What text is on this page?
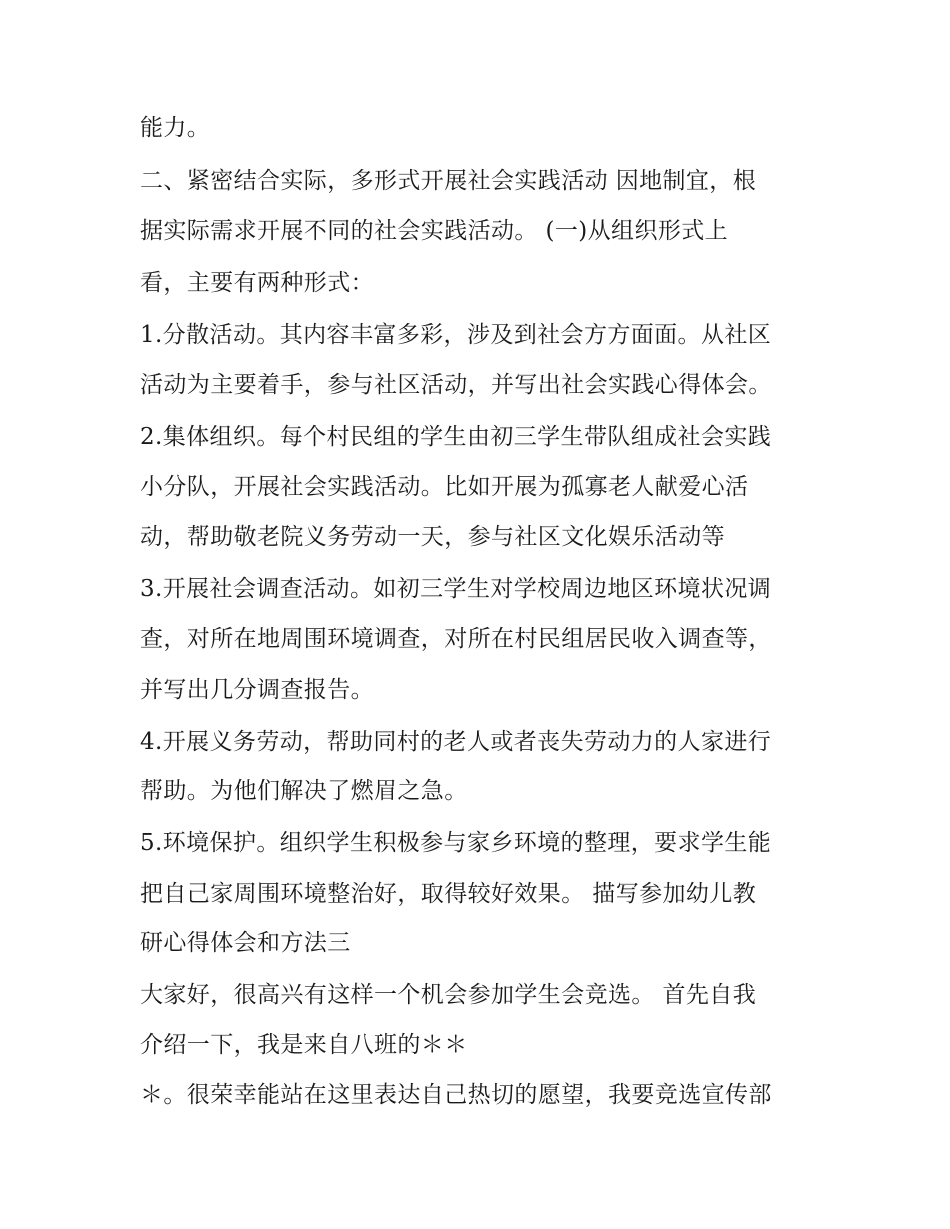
能力。
二、紧密结合实际，多形式开展社会实践活动 因地制宜，根
据实际需求开展不同的社会实践活动。 (一)从组织形式上
看，主要有两种形式：
1.分散活动。其内容丰富多彩，涉及到社会方方面面。从社区
活动为主要着手，参与社区活动，并写出社会实践心得体会。
2.集体组织。每个村民组的学生由初三学生带队组成社会实践
小分队，开展社会实践活动。比如开展为孤寡老人献爱心活
动，帮助敬老院义务劳动一天，参与社区文化娱乐活动等
3.开展社会调查活动。如初三学生对学校周边地区环境状况调
查，对所在地周围环境调查，对所在村民组居民收入调查等，
并写出几分调查报告。
4.开展义务劳动，帮助同村的老人或者丧失劳动力的人家进行
帮助。为他们解决了燃眉之急。
5.环境保护。组织学生积极参与家乡环境的整理，要求学生能
把自己家周围环境整治好，取得较好效果。 描写参加幼儿教
研心得体会和方法三
大家好，很高兴有这样一个机会参加学生会竞选。 首先自我
介绍一下，我是来自八班的＊＊
＊。很荣幸能站在这里表达自己热切的愿望，我要竞选宣传部
